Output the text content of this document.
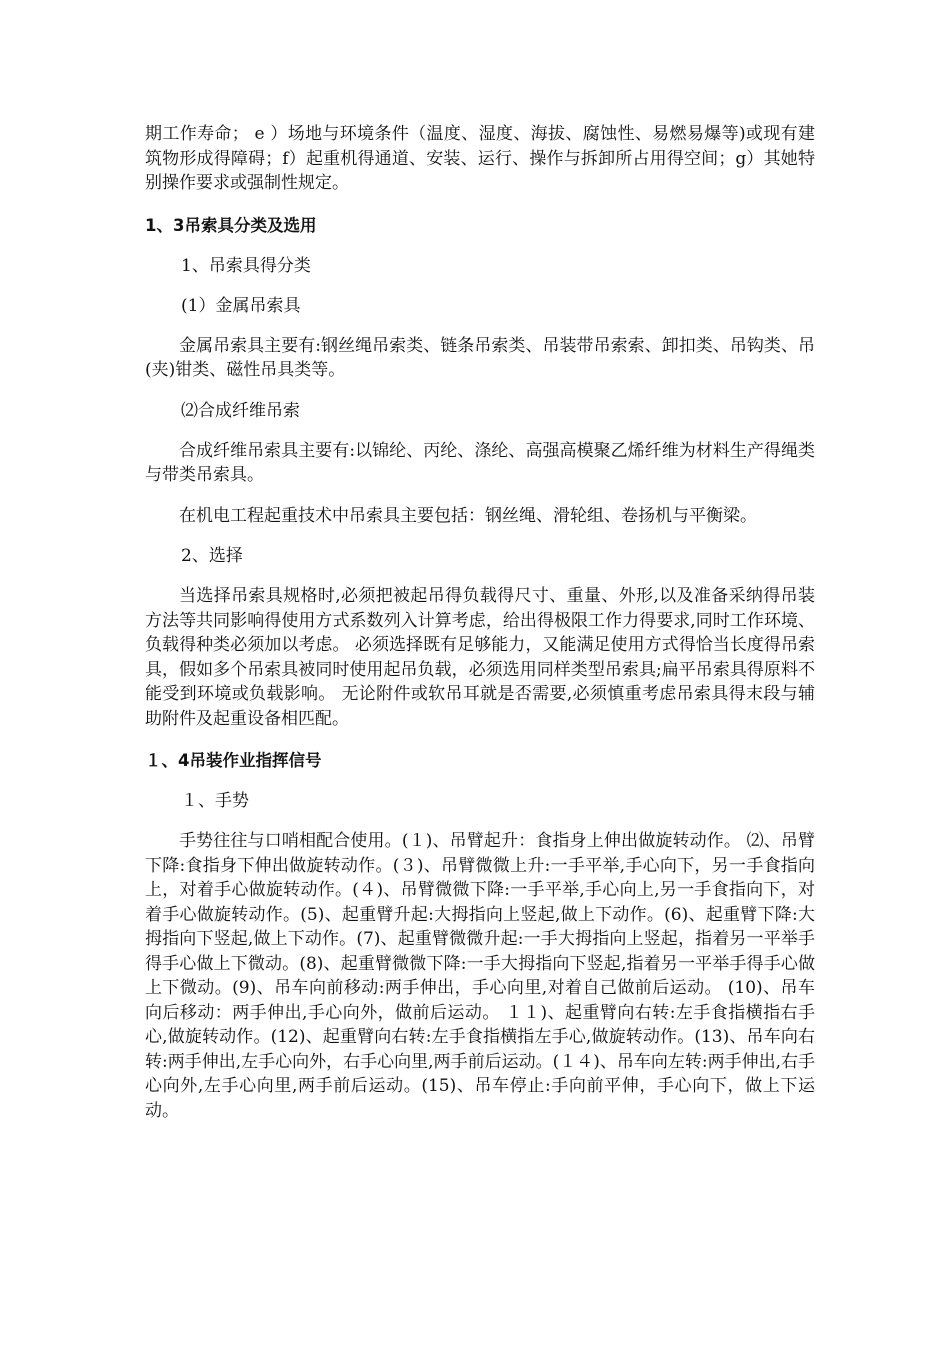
期工作寿命； e ）场地与环境条件（温度、湿度、海拔、腐蚀性、易燃易爆等)或现有建筑物形成得障碍；f）起重机得通道、安装、运行、操作与拆卸所占用得空间；g）其她特别操作要求或强制性规定。

1、3吊索具分类及选用

1、吊索具得分类

(1）金属吊索具

金属吊索具主要有:钢丝绳吊索类、链条吊索类、吊装带吊索索、卸扣类、吊钩类、吊(夹)钳类、磁性吊具类等。

⑵合成纤维吊索

合成纤维吊索具主要有:以锦纶、丙纶、涤纶、高强高模聚乙烯纤维为材料生产得绳类与带类吊索具。

在机电工程起重技术中吊索具主要包括：钢丝绳、滑轮组、卷扬机与平衡梁。

2、选择

当选择吊索具规格时,必须把被起吊得负载得尺寸、重量、外形,以及准备采纳得吊装方法等共同影响得使用方式系数列入计算考虑，给出得极限工作力得要求,同时工作环境、负载得种类必须加以考虑。 必须选择既有足够能力，又能满足使用方式得恰当长度得吊索具，假如多个吊索具被同时使用起吊负载，必须选用同样类型吊索具;扁平吊索具得原料不能受到环境或负载影响。 无论附件或软吊耳就是否需要,必须慎重考虑吊索具得末段与辅助附件及起重设备相匹配。

１、4吊装作业指挥信号

１、手势

手势往往与口哨相配合使用。(１)、吊臂起升：食指身上伸出做旋转动作。 ⑵、吊臂下降:食指身下伸出做旋转动作。(３)、吊臂微微上升:一手平举,手心向下，另一手食指向上，对着手心做旋转动作。(４)、吊臂微微下降:一手平举,手心向上,另一手食指向下，对着手心做旋转动作。(5)、起重臂升起:大拇指向上竖起,做上下动作。(6)、起重臂下降:大拇指向下竖起,做上下动作。(7)、起重臂微微升起:一手大拇指向上竖起，指着另一平举手得手心做上下微动。(8)、起重臂微微下降:一手大拇指向下竖起,指着另一平举手得手心做上下微动。(9)、吊车向前移动:两手伸出，手心向里,对着自己做前后运动。 (10)、吊车向后移动：两手伸出,手心向外，做前后运动。 １１)、起重臂向右转:左手食指横指右手心,做旋转动作。(12)、起重臂向右转:左手食指横指左手心,做旋转动作。(13)、吊车向右转:两手伸出,左手心向外，右手心向里,两手前后运动。(１４)、吊车向左转:两手伸出,右手心向外,左手心向里,两手前后运动。(15)、吊车停止:手向前平伸，手心向下，做上下运动。
